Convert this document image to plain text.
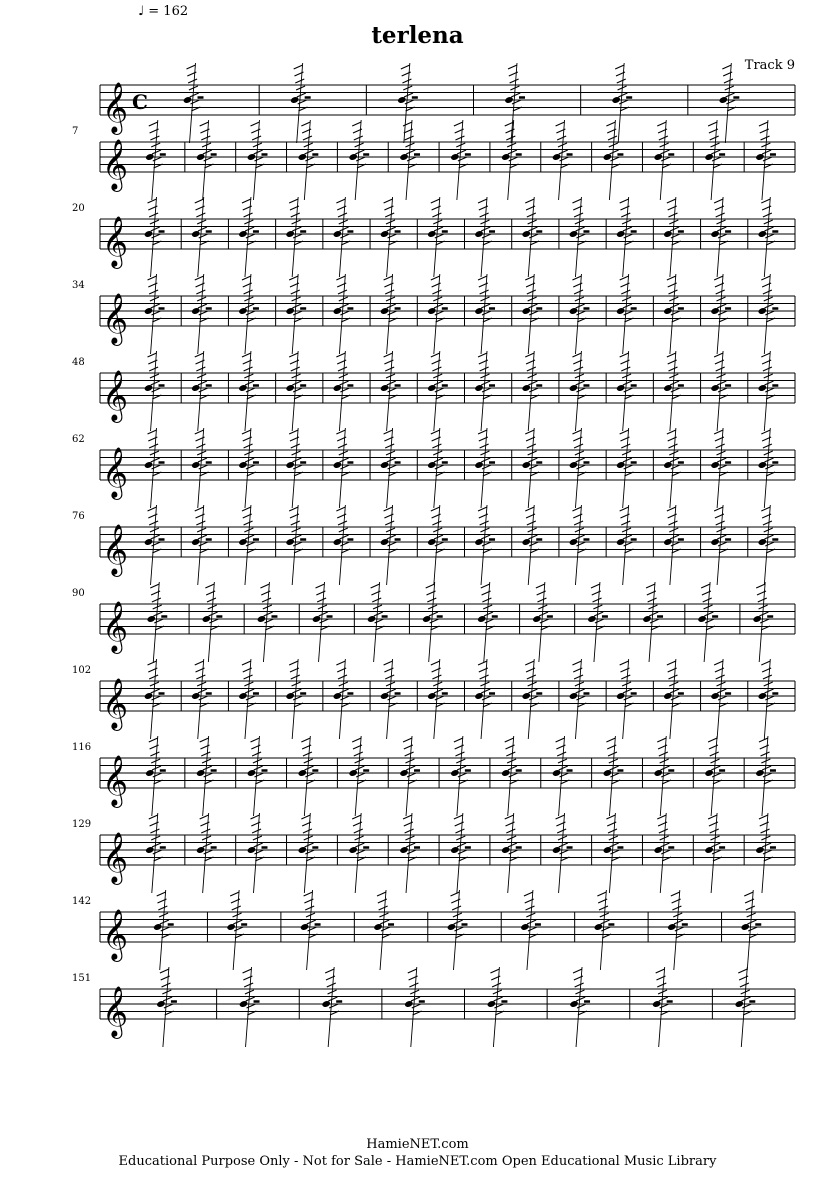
♩ = 162
terlena
Track 9
𝄞 C
𝄞
7
𝄞
20
𝄞
34
𝄞
48
𝄞
62
𝄞
76
𝄞
90
𝄞
102
𝄞
116
𝄞
129
𝄞
142
𝄞
151
HamieNET.com
Educational Purpose Only - Not for Sale - HamieNET.com Open Educational Music Library
